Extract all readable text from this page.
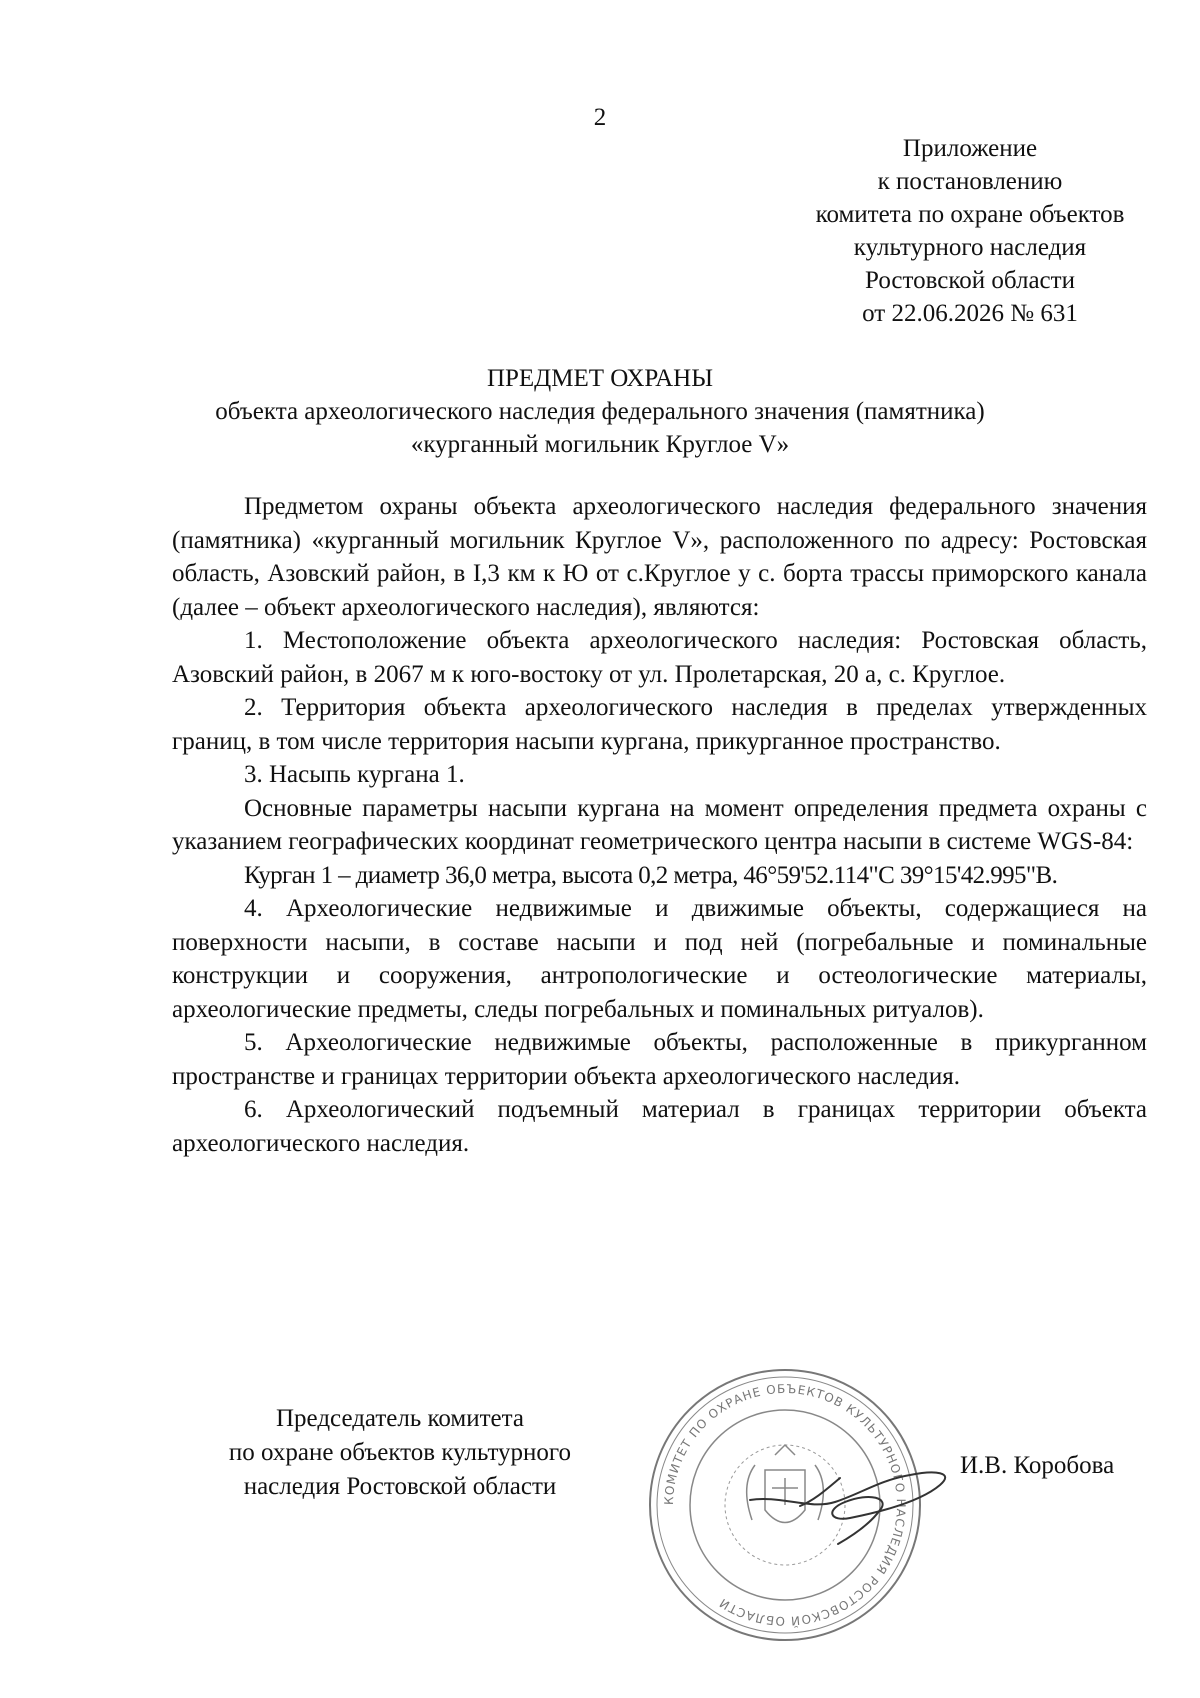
2
Приложение
к постановлению
комитета по охране объектов
культурного наследия
Ростовской области
от 22.06.2026 № 631
ПРЕДМЕТ ОХРАНЫ
объекта археологического наследия федерального значения (памятника)
«курганный могильник Круглое V»

Предметом охраны объекта археологического наследия федерального значения (памятника) «курганный могильник Круглое V», расположенного по адресу: Ростовская область, Азовский район, в I,3 км к Ю от с.Круглое у с. борта трассы приморского канала (далее – объект археологического наследия), являются:

1. Местоположение объекта археологического наследия: Ростовская область, Азовский район, в 2067 м к юго-востоку от ул. Пролетарская, 20 а, с. Круглое.

2. Территория объекта археологического наследия в пределах утвержденных границ, в том числе территория насыпи кургана, прикурганное пространство.

3. Насыпь кургана 1.

Основные параметры насыпи кургана на момент определения предмета охраны с указанием географических координат геометрического центра насыпи в системе WGS-84:

Курган 1 – диаметр 36,0 метра, высота 0,2 метра, 46°59'52.114"С 39°15'42.995"В.

4. Археологические недвижимые и движимые объекты, содержащиеся на поверхности насыпи, в составе насыпи и под ней (погребальные и поминальные конструкции и сооружения, антропологические и остеологические материалы, археологические предметы, следы погребальных и поминальных ритуалов).

5. Археологические недвижимые объекты, расположенные в прикурганном пространстве и границах территории объекта археологического наследия.

6. Археологический подъемный материал в границах территории объекта археологического наследия.

Председатель комитета
по охране объектов культурного
наследия Ростовской области
КОМИТЕТ ПО ОХРАНЕ ОБЪЕКТОВ КУЛЬТУРНОГО НАСЛЕДИЯ РОСТОВСКОЙ ОБЛАСТИ
И.В. Коробова
